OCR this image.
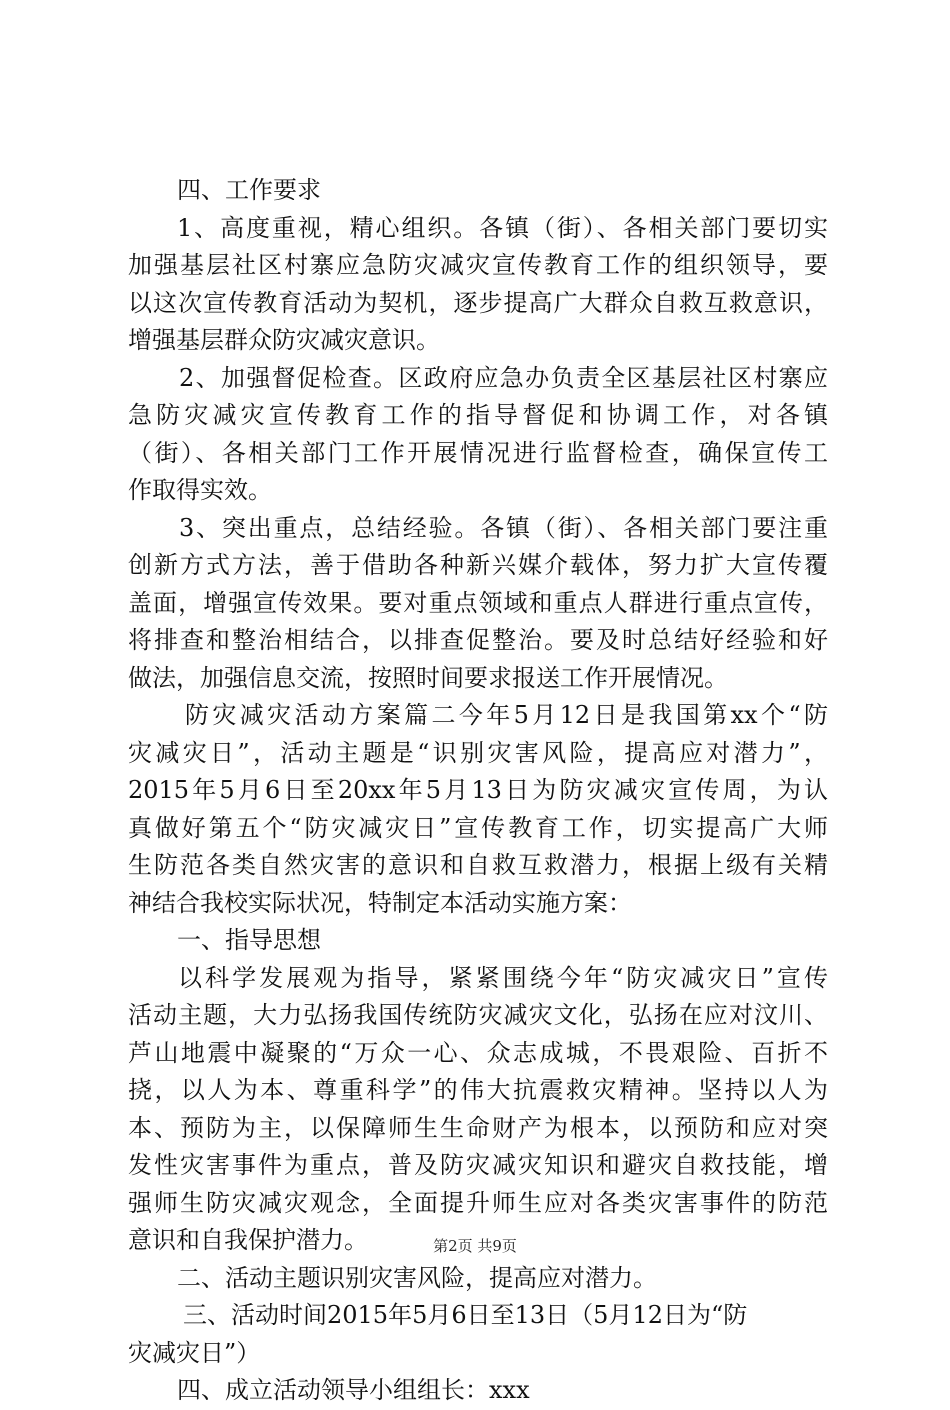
四、工作要求
1、高度重视，精心组织。各镇（街）、各相关部门要切实
加强基层社区村寨应急防灾减灾宣传教育工作的组织领导，要
以这次宣传教育活动为契机，逐步提高广大群众自救互救意识，
增强基层群众防灾减灾意识。
2、加强督促检查。区政府应急办负责全区基层社区村寨应
急防灾减灾宣传教育工作的指导督促和协调工作，对各镇
（街）、各相关部门工作开展情况进行监督检查，确保宣传工
作取得实效。
3、突出重点，总结经验。各镇（街）、各相关部门要注重
创新方式方法，善于借助各种新兴媒介载体，努力扩大宣传覆
盖面，增强宣传效果。要对重点领域和重点人群进行重点宣传，
将排查和整治相结合，以排查促整治。要及时总结好经验和好
做法，加强信息交流，按照时间要求报送工作开展情况。
防灾减灾活动方案篇二今年5月12日是我国第xx个“防
灾减灾日”，活动主题是“识别灾害风险，提高应对潜力”，
2015年5月6日至20xx年5月13日为防灾减灾宣传周，为认
真做好第五个“防灾减灾日”宣传教育工作，切实提高广大师
生防范各类自然灾害的意识和自救互救潜力，根据上级有关精
神结合我校实际状况，特制定本活动实施方案：
一、指导思想
以科学发展观为指导，紧紧围绕今年“防灾减灾日”宣传
活动主题，大力弘扬我国传统防灾减灾文化，弘扬在应对汶川、
芦山地震中凝聚的“万众一心、众志成城，不畏艰险、百折不
挠，以人为本、尊重科学”的伟大抗震救灾精神。坚持以人为
本、预防为主，以保障师生生命财产为根本，以预防和应对突
发性灾害事件为重点，普及防灾减灾知识和避灾自救技能，增
强师生防灾减灾观念，全面提升师生应对各类灾害事件的防范
意识和自我保护潜力。
二、活动主题识别灾害风险，提高应对潜力。
三、活动时间2015年5月6日至13日（5月12日为“防
灾减灾日”）
四、成立活动领导小组组长：xxx
第2页 共9页
